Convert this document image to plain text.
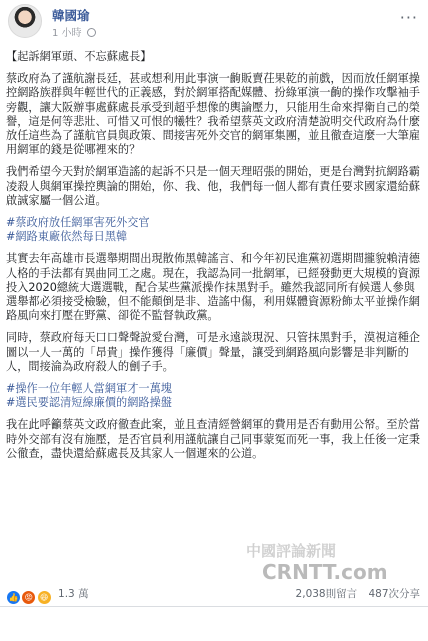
韓國瑜
1 小時
···

【起訴網軍頭、不忘蘇處長】

蔡政府為了謹航謝長廷，甚或想利用此事演一齣販賣茌果乾的前戲，因而放任網軍操控網路族群與年輕世代的正義感，對於網軍搭配媒體、扮綠軍演一齣的操作攻擊袖手旁觀，讓大阪辦事處蘇處長承受到超乎想像的輿論壓力，只能用生命來捍衛自己的榮譽，這是何等悲壯、可惜又可恨的犧牲？我希望蔡英文政府清楚說明交代政府為什麼放任這些為了謹航官員與政策、間接害死外交官的網軍集團，並且徹查這麼一大筆雇用網軍的錢是從哪裡來的？

我們希望今天對於網軍造謠的起訴不只是一個天理昭張的開始，更是台灣對抗網路霸凌殺人與網軍操控輿論的開始，你、我、他，我們每一個人都有責任要求國家還給蘇啟誠家屬一個公道。

#蔡政府放任網軍害死外交官
#網路東廠依然每日黑韓

其實去年高雄市長選舉期間出現散佈黑韓謠言、和今年初民進黨初選期間攏貌賴清德人格的手法都有異曲同工之處。現在，我認為同一批網軍，已經發動更大規模的資源投入2020總統大選選戰，配合某些黨派操作抹黑對手。雖然我認同所有候選人參與選舉都必須接受檢驗，但不能顛倒是非、造謠中傷，利用媒體資源粉飾太平並操作網路風向來打壓在野黨、卻從不監督執政黨。

同時，蔡政府每天口口聲聲說愛台灣，可是永遠談現況、只管抹黑對手，漠視這種企圖以一人一萬的「昂貴」操作獲得「廉價」聲量，讓受到網路風向影響是非判斷的人，間接淪為政府殺人的劊子手。

#操作一位年輕人當網軍才一萬塊
#選民要認清短線廉價的網路操盤

我在此呼籲蔡英文政府徹查此案，並且查清經營網軍的費用是否有動用公帑。至於當時外交部有沒有施壓，是否官員利用謹航讓自己同事蒙冤而死一事，我上任後一定秉公徹查，盡快還給蘇處長及其家人一個遲來的公道。

中國評論新聞
CRNTT.com
👍 😡 😆 1.3 萬	2,038則留言 487次分享
